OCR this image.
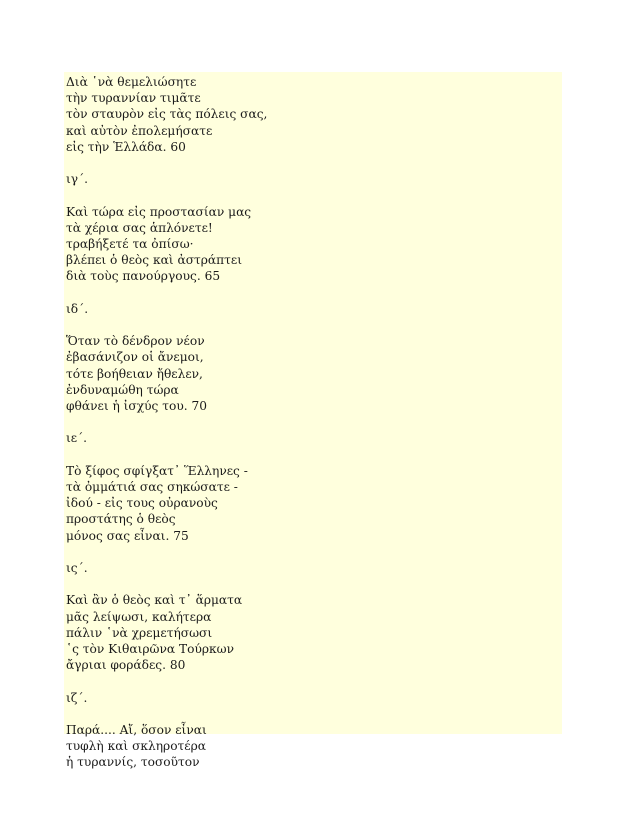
Διὰ ῾νὰ θεμελιώσητε
τὴν τυραννίαν τιμᾶτε
τὸν σταυρὸν εἰς τὰς πόλεις σας,
καὶ αὐτὸν ἐπολεμήσατε
εἰς τὴν Ἑλλάδα. 60
ιγ΄.
Καὶ τώρα εἰς προστασίαν μας
τὰ χέρια σας ἁπλόνετε!
τραβήξετέ τα ὀπίσω·
βλέπει ὁ θεὸς καὶ ἀστράπτει
διὰ τοὺς πανούργους. 65
ιδ΄.
Ὅταν τὸ δένδρον νέον
ἐβασάνιζον οἱ ἄνεμοι,
τότε βοήθειαν ἤθελεν,
ἐνδυναμώθη τώρα
φθάνει ἡ ἰσχύς του. 70
ιε΄.
Τὸ ξίφος σφίγξατ᾿ Ἕλληνες -
τὰ ὀμμάτιά σας σηκώσατε -
ἰδού - εἰς τους οὐρανοὺς
προστάτης ὁ θεὸς
μόνος σας εἶναι. 75
ις΄.
Καὶ ἂν ὁ θεὸς καὶ τ᾿ ἅρματα
μᾶς λείψωσι, καλήτερα
πάλιν ῾νὰ χρεμετήσωσι
῾ς τὸν Κιθαιρῶνα Τούρκων
ἄγριαι φοράδες. 80
ιζ΄.
Παρά.... Αἴ, ὅσον εἶναι
τυφλὴ καὶ σκληροτέρα
ἡ τυραννίς, τοσοῦτον
